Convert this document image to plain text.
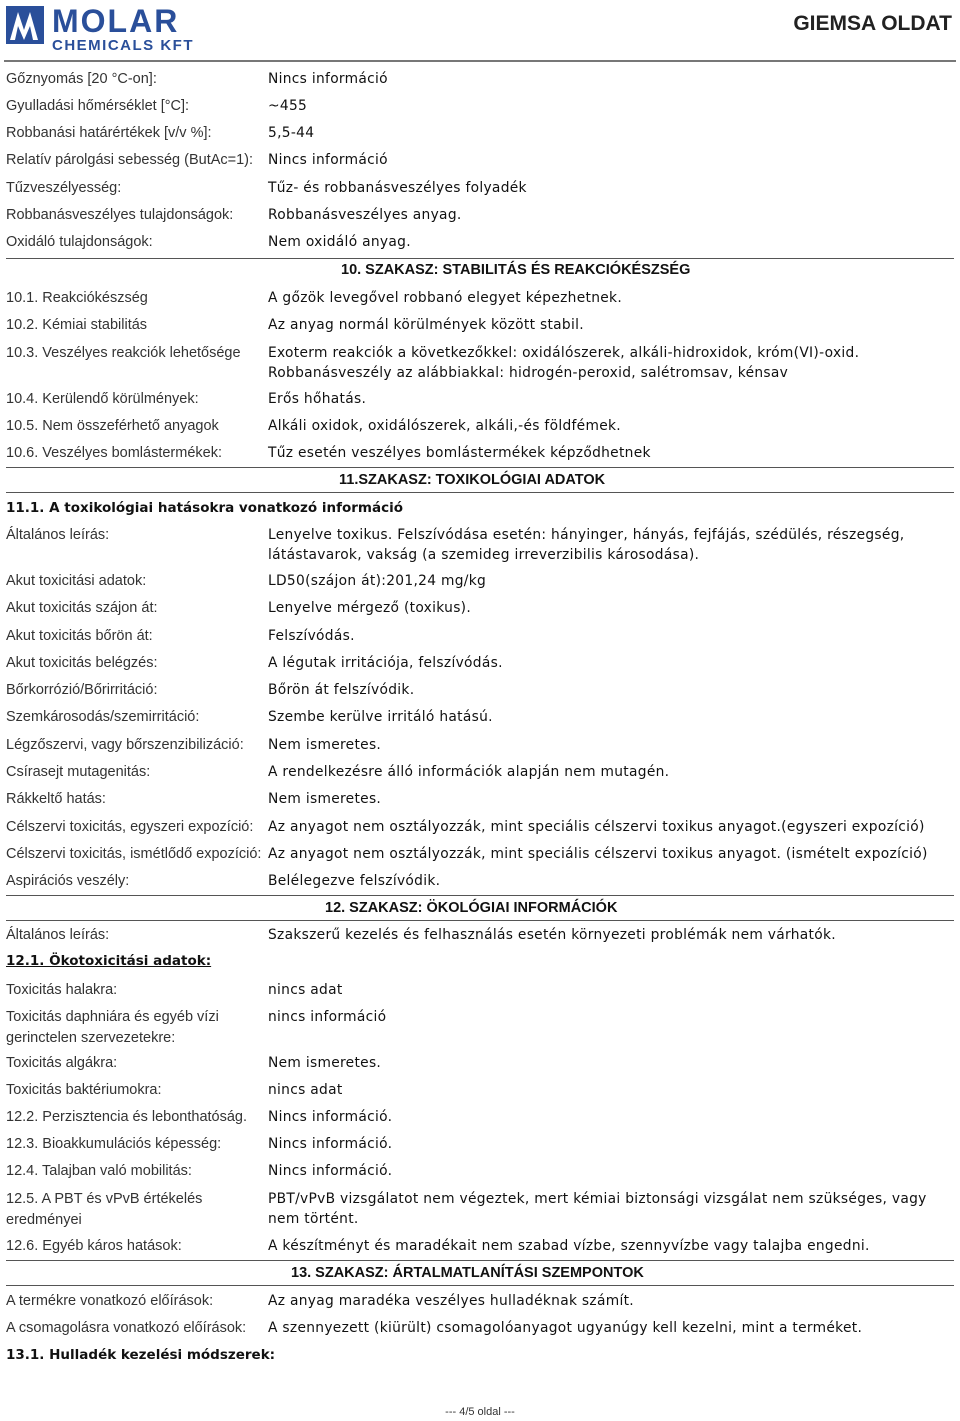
MOLAR
CHEMICALS KFT
GIEMSA OLDAT
Gőznyomás [20 °C-on]:	Nincs információ
Gyulladási hőmérséklet [°C]:	~455
Robbanási határértékek [v/v %]:	5,5-44
Relatív párolgási sebesség (ButAc=1):	Nincs információ
Tűzveszélyesség:	Tűz- és robbanásveszélyes folyadék
Robbanásveszélyes tulajdonságok:	Robbanásveszélyes anyag.
Oxidáló tulajdonságok:	Nem oxidáló anyag.
10. SZAKASZ: STABILITÁS ÉS REAKCIÓKÉSZSÉG
10.1. Reakciókészség	A gőzök levegővel robbanó elegyet képezhetnek.
10.2. Kémiai stabilitás	Az anyag normál körülmények között stabil.
10.3. Veszélyes reakciók lehetősége	Exoterm reakciók a következőkkel: oxidálószerek, alkáli-hidroxidok, króm(VI)-oxid.
Robbanásveszély az alábbiakkal: hidrogén-peroxid, salétromsav, kénsav
10.4. Kerülendő körülmények:	Erős hőhatás.
10.5. Nem összeférhető anyagok	Alkáli oxidok, oxidálószerek, alkáli,-és földfémek.
10.6. Veszélyes bomlástermékek:	Tűz esetén veszélyes bomlástermékek képződhetnek
11.SZAKASZ: TOXIKOLÓGIAI ADATOK
11.1. A toxikológiai hatásokra vonatkozó információ
Általános leírás:	Lenyelve toxikus. Felszívódása esetén: hányinger, hányás, fejfájás, szédülés, részegség,
látástavarok, vakság (a szemideg irreverzibilis károsodása).
Akut toxicitási adatok:	LD50(szájon át):201,24 mg/kg
Akut toxicitás szájon át:	Lenyelve mérgező (toxikus).
Akut toxicitás bőrön át:	Felszívódás.
Akut toxicitás belégzés:	A légutak irritációja, felszívódás.
Bőrkorrózió/Bőrirritáció:	Bőrön át felszívódik.
Szemkárosodás/szemirritáció:	Szembe kerülve irritáló hatású.
Légzőszervi, vagy bőrszenzibilizáció:	Nem ismeretes.
Csírasejt mutagenitás:	A rendelkezésre álló információk alapján nem mutagén.
Rákkeltő hatás:	Nem ismeretes.
Célszervi toxicitás, egyszeri expozíció:	Az anyagot nem osztályozzák, mint speciális célszervi toxikus anyagot.(egyszeri expozíció)
Célszervi toxicitás, ismétlődő expozíció: Az anyagot nem osztályozzák, mint speciális célszervi toxikus anyagot. (ismételt expozíció)
Aspirációs veszély:	Belélegezve felszívódik.
12. SZAKASZ: ÖKOLÓGIAI INFORMÁCIÓK
Általános leírás:	Szakszerű kezelés és felhasználás esetén környezeti problémák nem várhatók.
12.1. Ökotoxicitási adatok:
Toxicitás halakra:	nincs adat
Toxicitás daphniára és egyéb vízi gerinctelen szervezetekre:
nincs információ
Toxicitás algákra:	Nem ismeretes.
Toxicitás baktériumokra:	nincs adat
12.2. Perzisztencia és lebonthatóság.	Nincs információ.
12.3. Bioakkumulációs képesség:	Nincs információ.
12.4. Talajban való mobilitás:	Nincs információ.
12.5. A PBT és vPvB értékelés eredményei
PBT/vPvB vizsgálatot nem végeztek, mert kémiai biztonsági vizsgálat nem szükséges, vagy
nem történt.
12.6. Egyéb káros hatások:	A készítményt és maradékait nem szabad vízbe, szennyvízbe vagy talajba engedni.
13. SZAKASZ: ÁRTALMATLANÍTÁSI SZEMPONTOK
A termékre vonatkozó előírások:	Az anyag maradéka veszélyes hulladéknak számít.
A csomagolásra vonatkozó előírások:	A szennyezett (kiürült) csomagolóanyagot ugyanúgy kell kezelni, mint a terméket.
13.1. Hulladék kezelési módszerek:
--- 4/5 oldal ---
